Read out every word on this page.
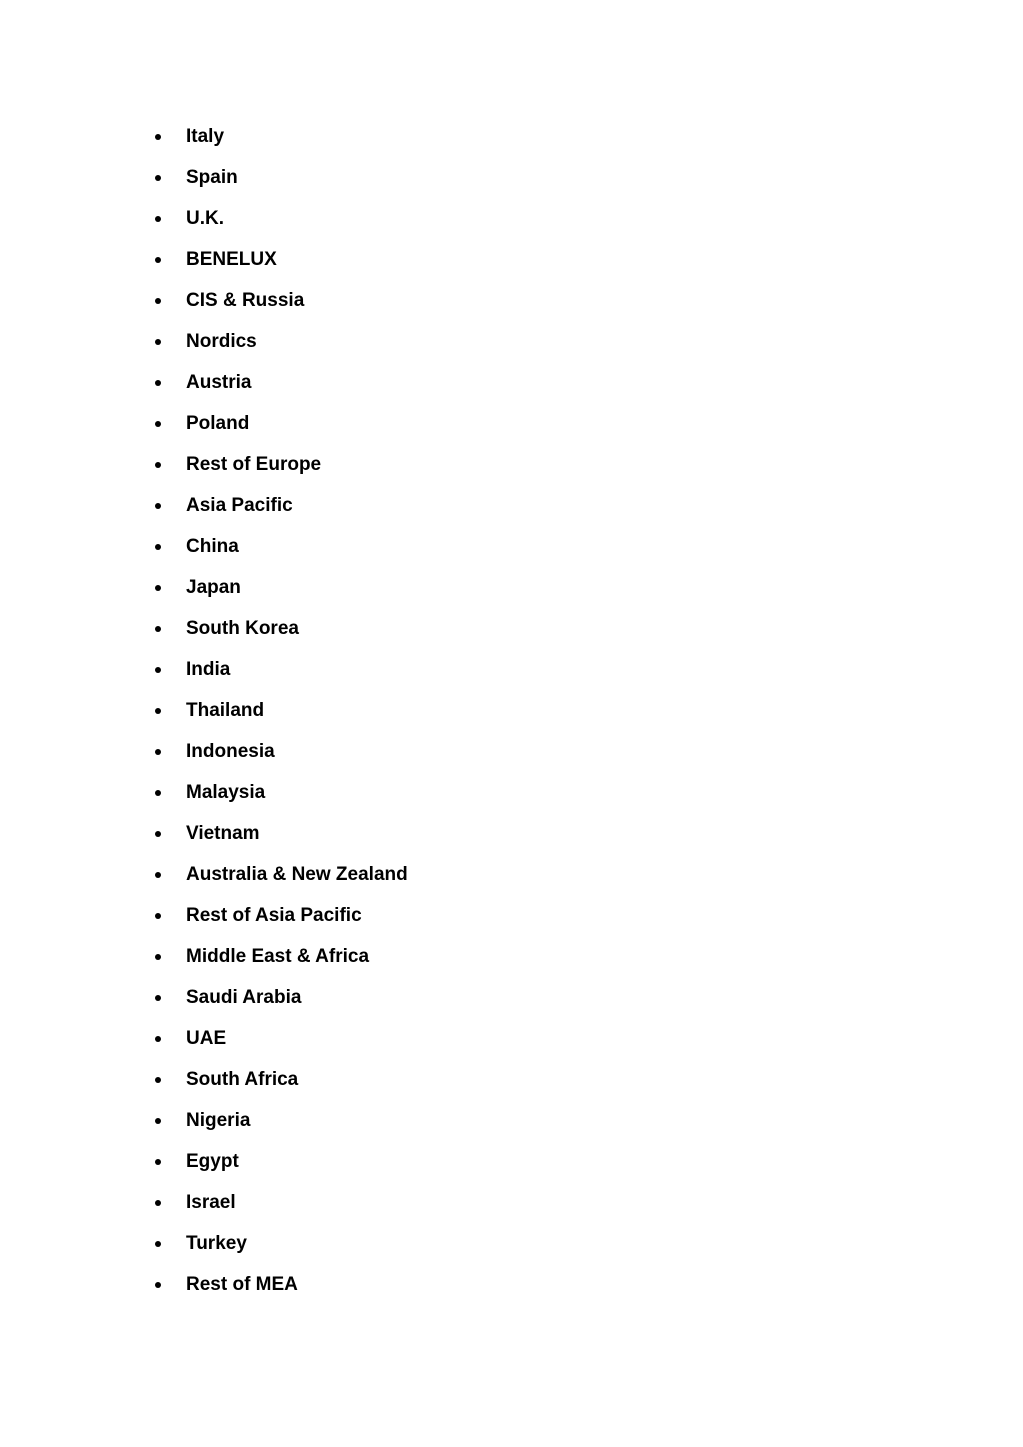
Italy
Spain
U.K.
BENELUX
CIS & Russia
Nordics
Austria
Poland
Rest of Europe
Asia Pacific
China
Japan
South Korea
India
Thailand
Indonesia
Malaysia
Vietnam
Australia & New Zealand
Rest of Asia Pacific
Middle East & Africa
Saudi Arabia
UAE
South Africa
Nigeria
Egypt
Israel
Turkey
Rest of MEA
